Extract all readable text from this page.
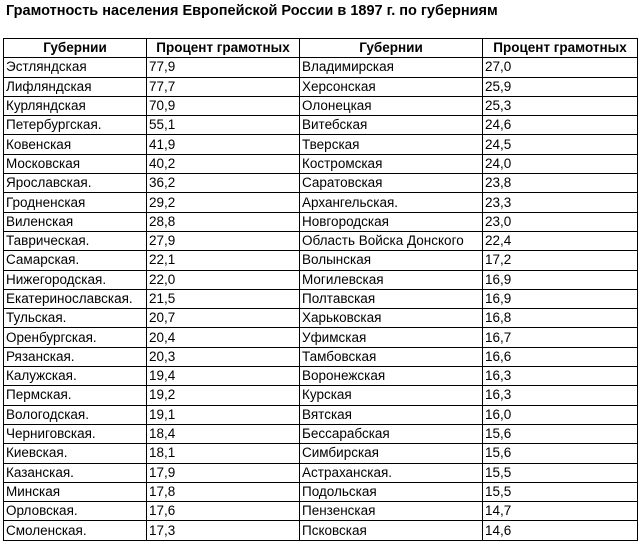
Грамотность населения Европейской России в 1897 г. по губерниям
Губернии	Процент грамотных	Губернии	Процент грамотных
Эстляндская	77,9	Владимирская	27,0
Лифляндская	77,7	Херсонская	25,9
Курляндская	70,9	Олонецкая	25,3
Петербургская.	55,1	Витебская	24,6
Ковенская	41,9	Тверская	24,5
Московская	40,2	Костромская	24,0
Ярославская.	36,2	Саратовская	23,8
Гродненская	29,2	Архангельская.	23,3
Виленская	28,8	Новгородская	23,0
Таврическая.	27,9	Область Войска Донского	22,4
Самарская.	22,1	Волынская	17,2
Нижегородская.	22,0	Могилевская	16,9
Екатеринославская.	21,5	Полтавская	16,9
Тульская.	20,7	Харьковская	16,8
Оренбургская.	20,4	Уфимская	16,7
Рязанская.	20,3	Тамбовская	16,6
Калужская.	19,4	Воронежская	16,3
Пермская.	19,2	Курская	16,3
Вологодская.	19,1	Вятская	16,0
Черниговская.	18,4	Бессарабская	15,6
Киевская.	18,1	Симбирская	15,6
Казанская.	17,9	Астраханская.	15,5
Минская	17,8	Подольская	15,5
Орловская.	17,6	Пензенская	14,7
Смоленская.	17,3	Псковская	14,6
